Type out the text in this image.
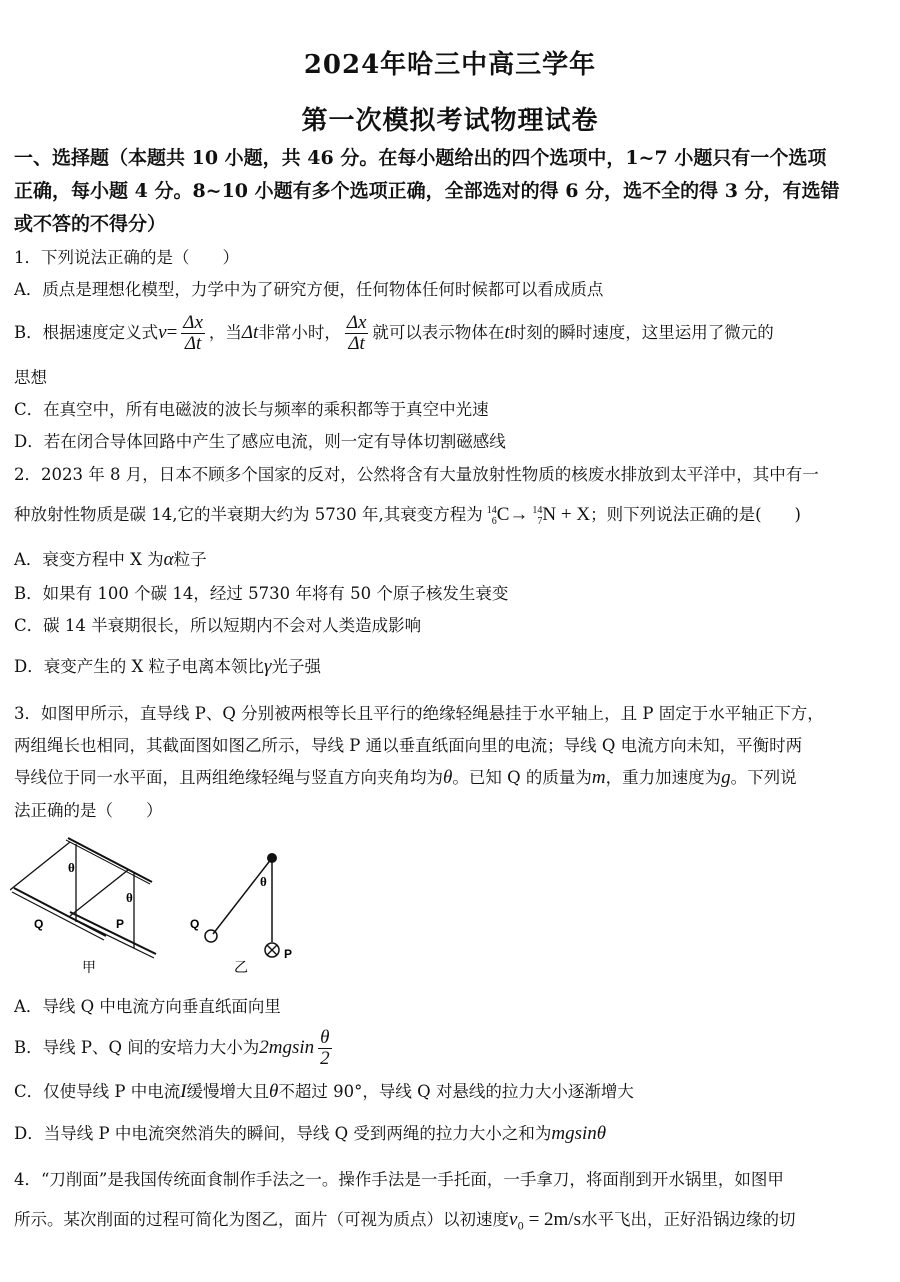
2024年哈三中高三学年
第一次模拟考试物理试卷
一、选择题（本题共 10 小题，共 46 分。在每小题给出的四个选项中，1~7 小题只有一个选项
正确，每小题 4 分。8~10 小题有多个选项正确，全部选对的得 6 分，选不全的得 3 分，有选错
或不答的不得分）
1．下列说法正确的是（　　）
A．质点是理想化模型，力学中为了研究方便，任何物体任何时候都可以看成质点
B．根据速度定义式$v= \frac{\Delta x}{\Delta t}$ ，当Δt非常小时， $\frac{\Delta x}{\Delta t}$ 就可以表示物体在t时刻的瞬时速度，这里运用了微元的
思想
C．在真空中，所有电磁波的波长与频率的乘积都等于真空中光速
D．若在闭合导体回路中产生了感应电流，则一定有导体切割磁感线
2．2023 年 8 月，日本不顾多个国家的反对，公然将含有大量放射性物质的核废水排放到太平洋中，其中有一
种放射性物质是碳 14,它的半衰期大约为 5730 年,其衰变方程为 14
6 C→ 14
7 N + X；则下列说法正确的是(　　)
A．衰变方程中 X 为α粒子
B．如果有 100 个碳 14，经过 5730 年将有 50 个原子核发生衰变
C．碳 14 半衰期很长，所以短期内不会对人类造成影响
D．衰变产生的 X 粒子电离本领比γ光子强
3．如图甲所示，直导线 P、Q 分别被两根等长且平行的绝缘轻绳悬挂于水平轴上，且 P 固定于水平轴正下方，
两组绳长也相同，其截面图如图乙所示，导线 P 通以垂直纸面向里的电流；导线 Q 电流方向未知，平衡时两
导线位于同一水平面，且两组绝缘轻绳与竖直方向夹角均为θ。已知 Q 的质量为m，重力加速度为g。下列说
法正确的是（　　）
θ
θ
Q	P
甲
θ
Q
P
乙
A．导线 Q 中电流方向垂直纸面向里
B．导线 P、Q 间的安培力大小为$2mgsin \frac{\theta}{2}$
C．仅使导线 P 中电流I缓慢增大且θ不超过 90°，导线 Q 对悬线的拉力大小逐渐增大
D．当导线 P 中电流突然消失的瞬间，导线 Q 受到两绳的拉力大小之和为mgsinθ
4．“刀削面”是我国传统面食制作手法之一。操作手法是一手托面，一手拿刀，将面削到开水锅里，如图甲
所示。某次削面的过程可简化为图乙，面片（可视为质点）以初速度$v_0 = 2m/s$水平飞出，正好沿锅边缘的切
